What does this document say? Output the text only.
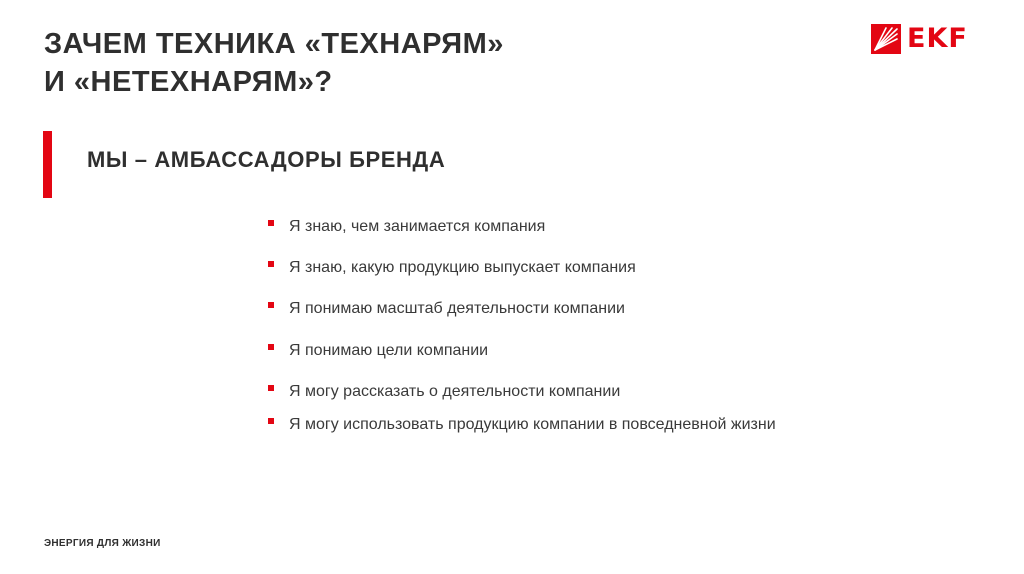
ЗАЧЕМ ТЕХНИКА «ТЕХНАРЯМ»
И «НЕТЕХНАРЯМ»?
EKF
МЫ – АМБАССАДОРЫ БРЕНДА
Я знаю, чем занимается компания
Я знаю, какую продукцию выпускает компания
Я понимаю масштаб деятельности компании
Я понимаю цели компании
Я могу рассказать о деятельности компании
Я могу использовать продукцию компании в повседневной жизни
ЭНЕРГИЯ ДЛЯ ЖИЗНИ
